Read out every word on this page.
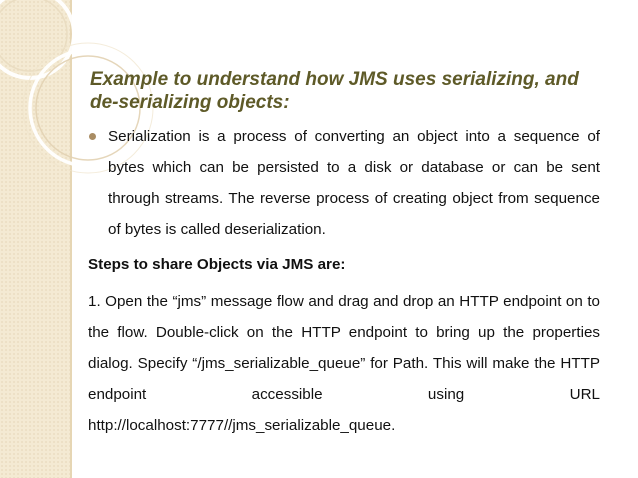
Example to understand how JMS uses serializing, and de-serializing objects:
Serialization is a process of converting an object into a sequence of bytes which can be persisted to a disk or database or can be sent through streams. The reverse process of creating object from sequence of bytes is called deserialization.
Steps to share Objects via JMS are:
1. Open the “jms” message flow and drag and drop an HTTP endpoint on to the flow. Double-click on the HTTP endpoint to bring up the properties dialog. Specify “/jms_serializable_queue” for Path. This will make the HTTP endpoint accessible using URL http://localhost:7777//jms_serializable_queue.
